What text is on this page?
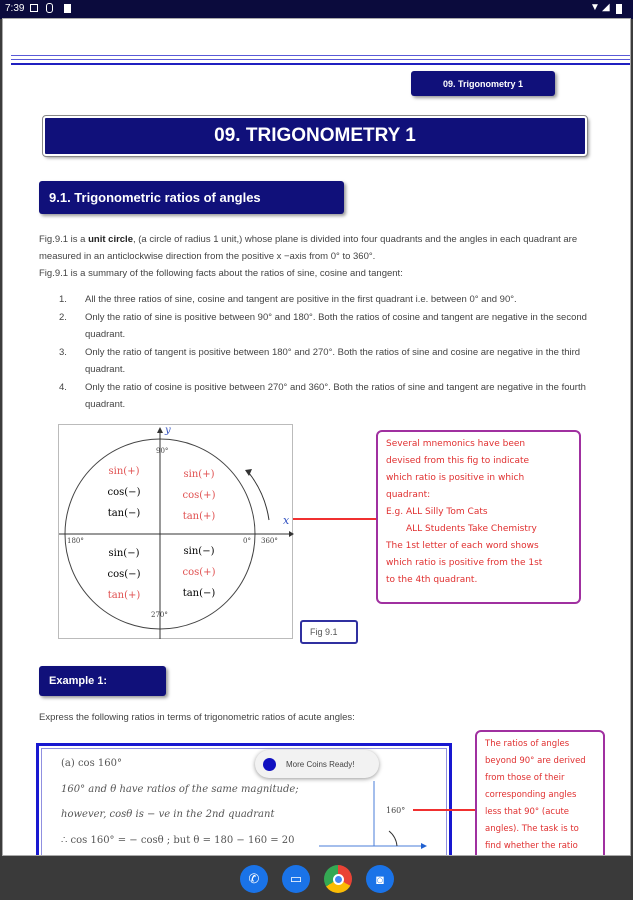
7:39	▼ ◢
09. Trigonometry 1
09. TRIGONOMETRY 1
9.1. Trigonometric ratios of angles
Fig.9.1 is a unit circle, (a circle of radius 1 unit,) whose plane is divided into four quadrants and the angles in each quadrant are measured in an anticlockwise direction from the positive x −axis from 0° to 360°.
Fig.9.1 is a summary of the following facts about the ratios of sine, cosine and tangent:
1. All the three ratios of sine, cosine and tangent are positive in the first quadrant i.e. between 0° and 90°.
2. Only the ratio of sine is positive between 90° and 180°. Both the ratios of cosine and tangent are negative in the second quadrant.
3. Only the ratio of tangent is positive between 180° and 270°. Both the ratios of sine and cosine are negative in the third quadrant.
4. Only the ratio of cosine is positive between 270° and 360°. Both the ratios of sine and tangent are negative in the fourth quadrant.
y
x
90°
180°	0° 360°
270°
sin(+)
cos(−)
tan(−)
sin(+)
cos(+)
tan(+)
sin(−)
cos(−)
tan(+)
sin(−)
cos(+)
tan(−)
Several mnemonics have been
devised from this fig to indicate
which ratio is positive in which
quadrant:
E.g. ALL Silly Tom Cats
ALL Students Take Chemistry
The 1st letter of each word shows
which ratio is positive from the 1st
to the 4th quadrant.
Fig 9.1
Example 1:
Express the following ratios in terms of trigonometric ratios of acute angles:
(a) cos 160°
160° and θ have ratios of the same magnitude;
however, cosθ is − ve in the 2nd quadrant
∴ cos 160° = − cosθ ; but θ = 180 − 160 = 20
160°
The ratios of angles
beyond 90° are derived
from those of their
corresponding angles
less that 90° (acute
angles). The task is to
find whether the ratio
More Coins Ready!
✆	▭	◙
